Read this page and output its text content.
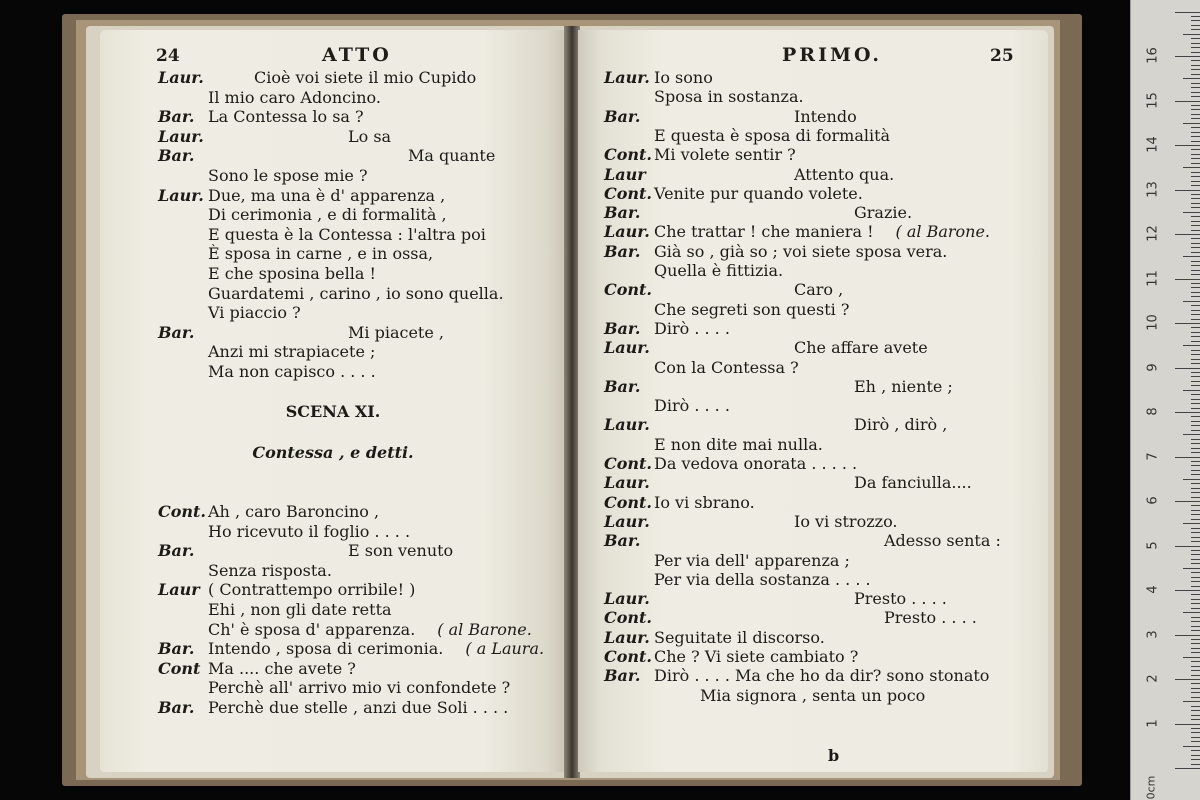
24	ATTO
Laur.	Cioè voi siete il mio Cupido
Il mio caro Adoncino.
Bar. La Contessa lo sa ?
Laur.	Lo sa
Bar.	Ma quante
Sono le spose mie ?
Laur. Due, ma una è d' apparenza ,
Di cerimonia , e di formalità ,
E questa è la Contessa : l'altra poi
È sposa in carne , e in ossa,
E che sposina bella !
Guardatemi , carino , io sono quella.
Vi piaccio ?
Bar.	Mi piacete ,
Anzi mi strapiacete ;
Ma non capisco . . . .
SCENA XI.
Contessa , e detti.
Cont. Ah , caro Baroncino ,
Ho ricevuto il foglio . . . .
Bar.	E son venuto
Senza risposta.
Laur ( Contrattempo orribile! )
Ehi , non gli date retta
Ch' è sposa d' apparenza. ( al Barone.
Bar. Intendo , sposa di cerimonia. ( a Laura.
Cont Ma .... che avete ?
Perchè all' arrivo mio vi confondete ?
Bar. Perchè due stelle , anzi due Soli . . . .
PRIMO.	25
Laur. Io sono
Sposa in sostanza.
Bar.	Intendo
E questa è sposa di formalità
Cont. Mi volete sentir ?
Laur	Attento qua.
Cont. Venite pur quando volete.
Bar.	Grazie.
Laur. Che trattar ! che maniera ! ( al Barone.
Bar. Già so , già so ; voi siete sposa vera.
Quella è fittizia.
Cont.	Caro ,
Che segreti son questi ?
Bar. Dirò . . . .
Laur.	Che affare avete
Con la Contessa ?
Bar.	Eh , niente ;
Dirò . . . .
Laur.	Dirò , dirò ,
E non dite mai nulla.
Cont. Da vedova onorata . . . . .
Laur.	Da fanciulla....
Cont. Io vi sbrano.
Laur.	Io vi strozzo.
Bar.	Adesso senta :
Per via dell' apparenza ;
Per via della sostanza . . . .
Laur.	Presto . . . .
Cont.	Presto . . . .
Laur. Seguitate il discorso.
Cont. Che ? Vi siete cambiato ?
Bar. Dirò . . . . Ma che ho da dir? sono stonato
Mia signora , senta un poco
b
0cm
16
15
14
13
12
11
10
9
8
7
6
5
4
3
2
1
